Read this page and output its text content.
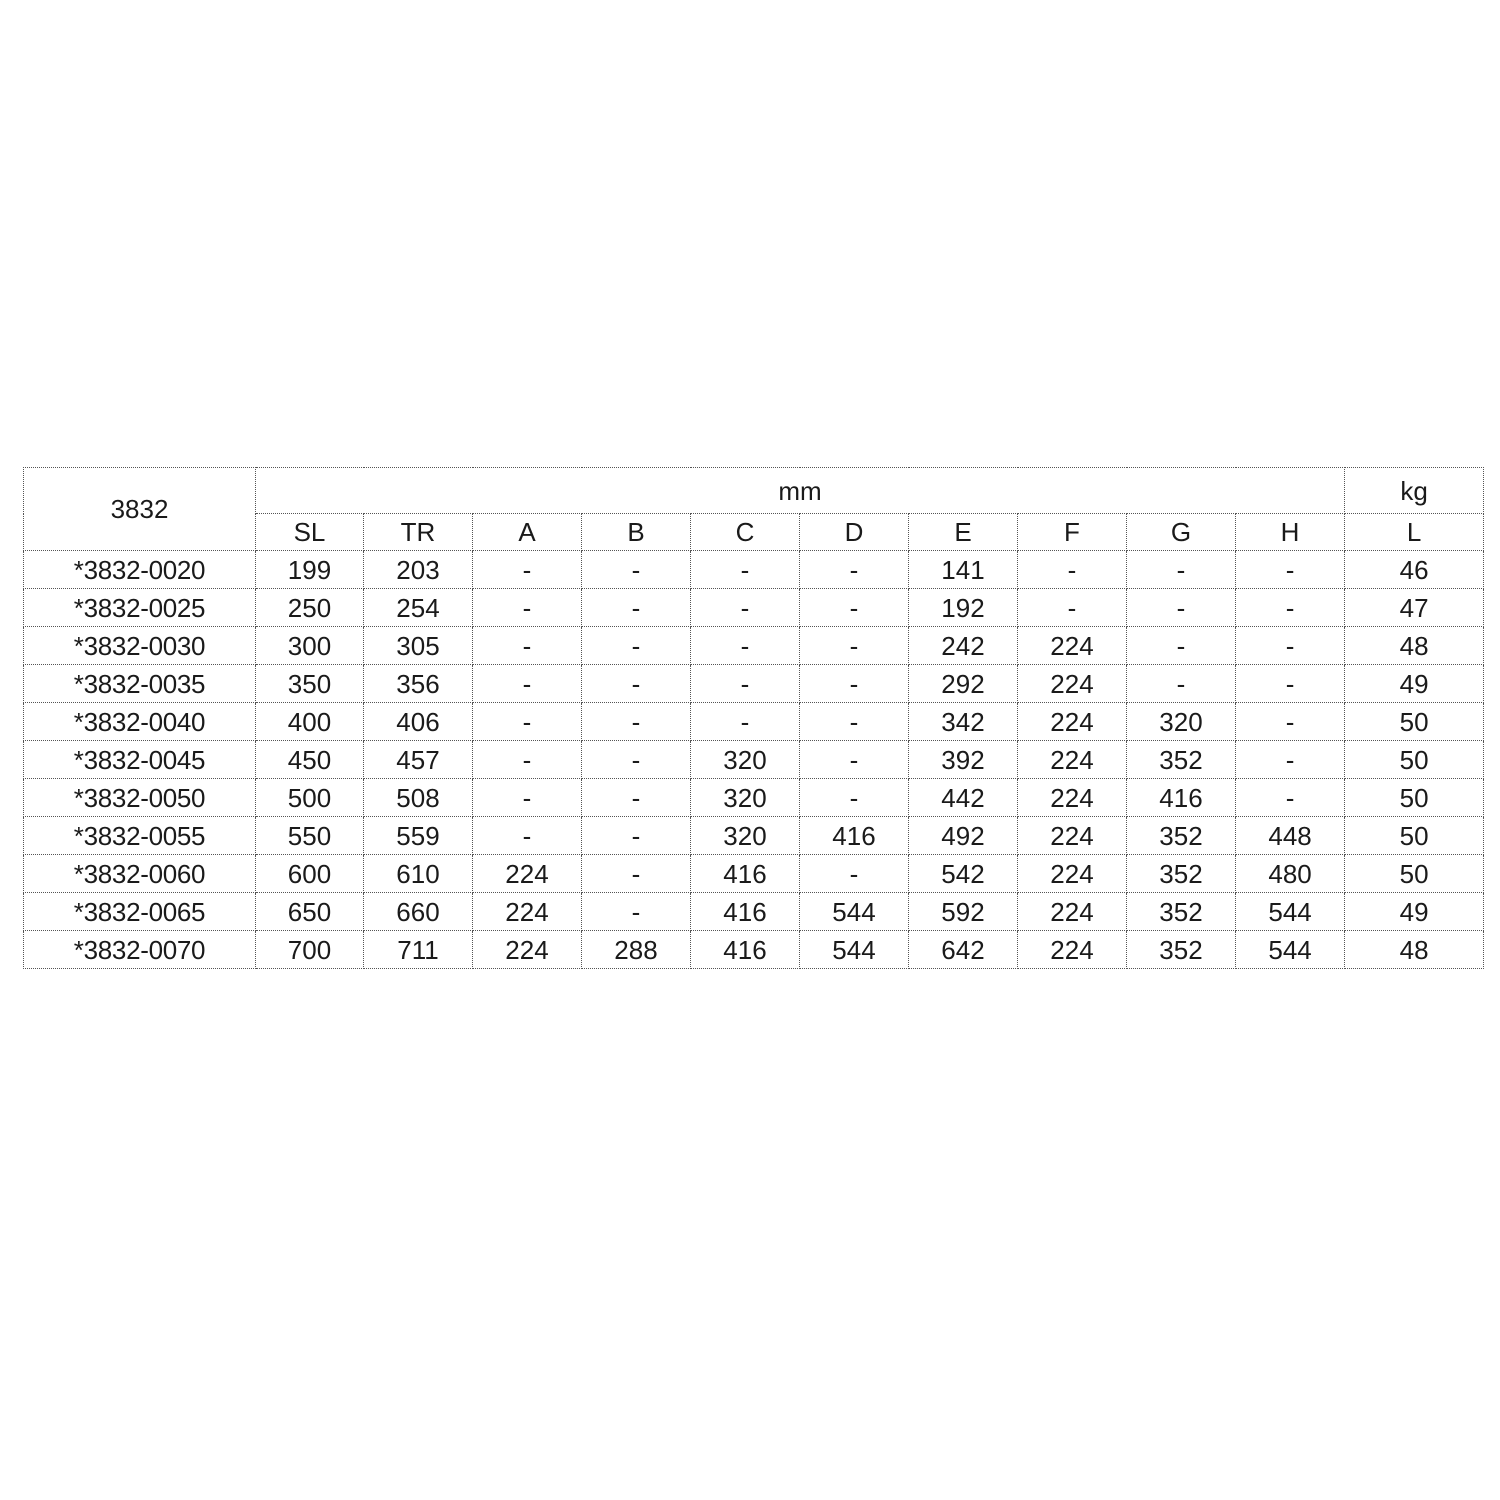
3832	mm										kg
	SL	TR	A	B	C	D	E	F	G	H	L
*3832-0020	199	203	-	-	-	-	141	-	-	-	46
*3832-0025	250	254	-	-	-	-	192	-	-	-	47
*3832-0030	300	305	-	-	-	-	242	224	-	-	48
*3832-0035	350	356	-	-	-	-	292	224	-	-	49
*3832-0040	400	406	-	-	-	-	342	224	320	-	50
*3832-0045	450	457	-	-	320	-	392	224	352	-	50
*3832-0050	500	508	-	-	320	-	442	224	416	-	50
*3832-0055	550	559	-	-	320	416	492	224	352	448	50
*3832-0060	600	610	224	-	416	-	542	224	352	480	50
*3832-0065	650	660	224	-	416	544	592	224	352	544	49
*3832-0070	700	711	224	288	416	544	642	224	352	544	48
